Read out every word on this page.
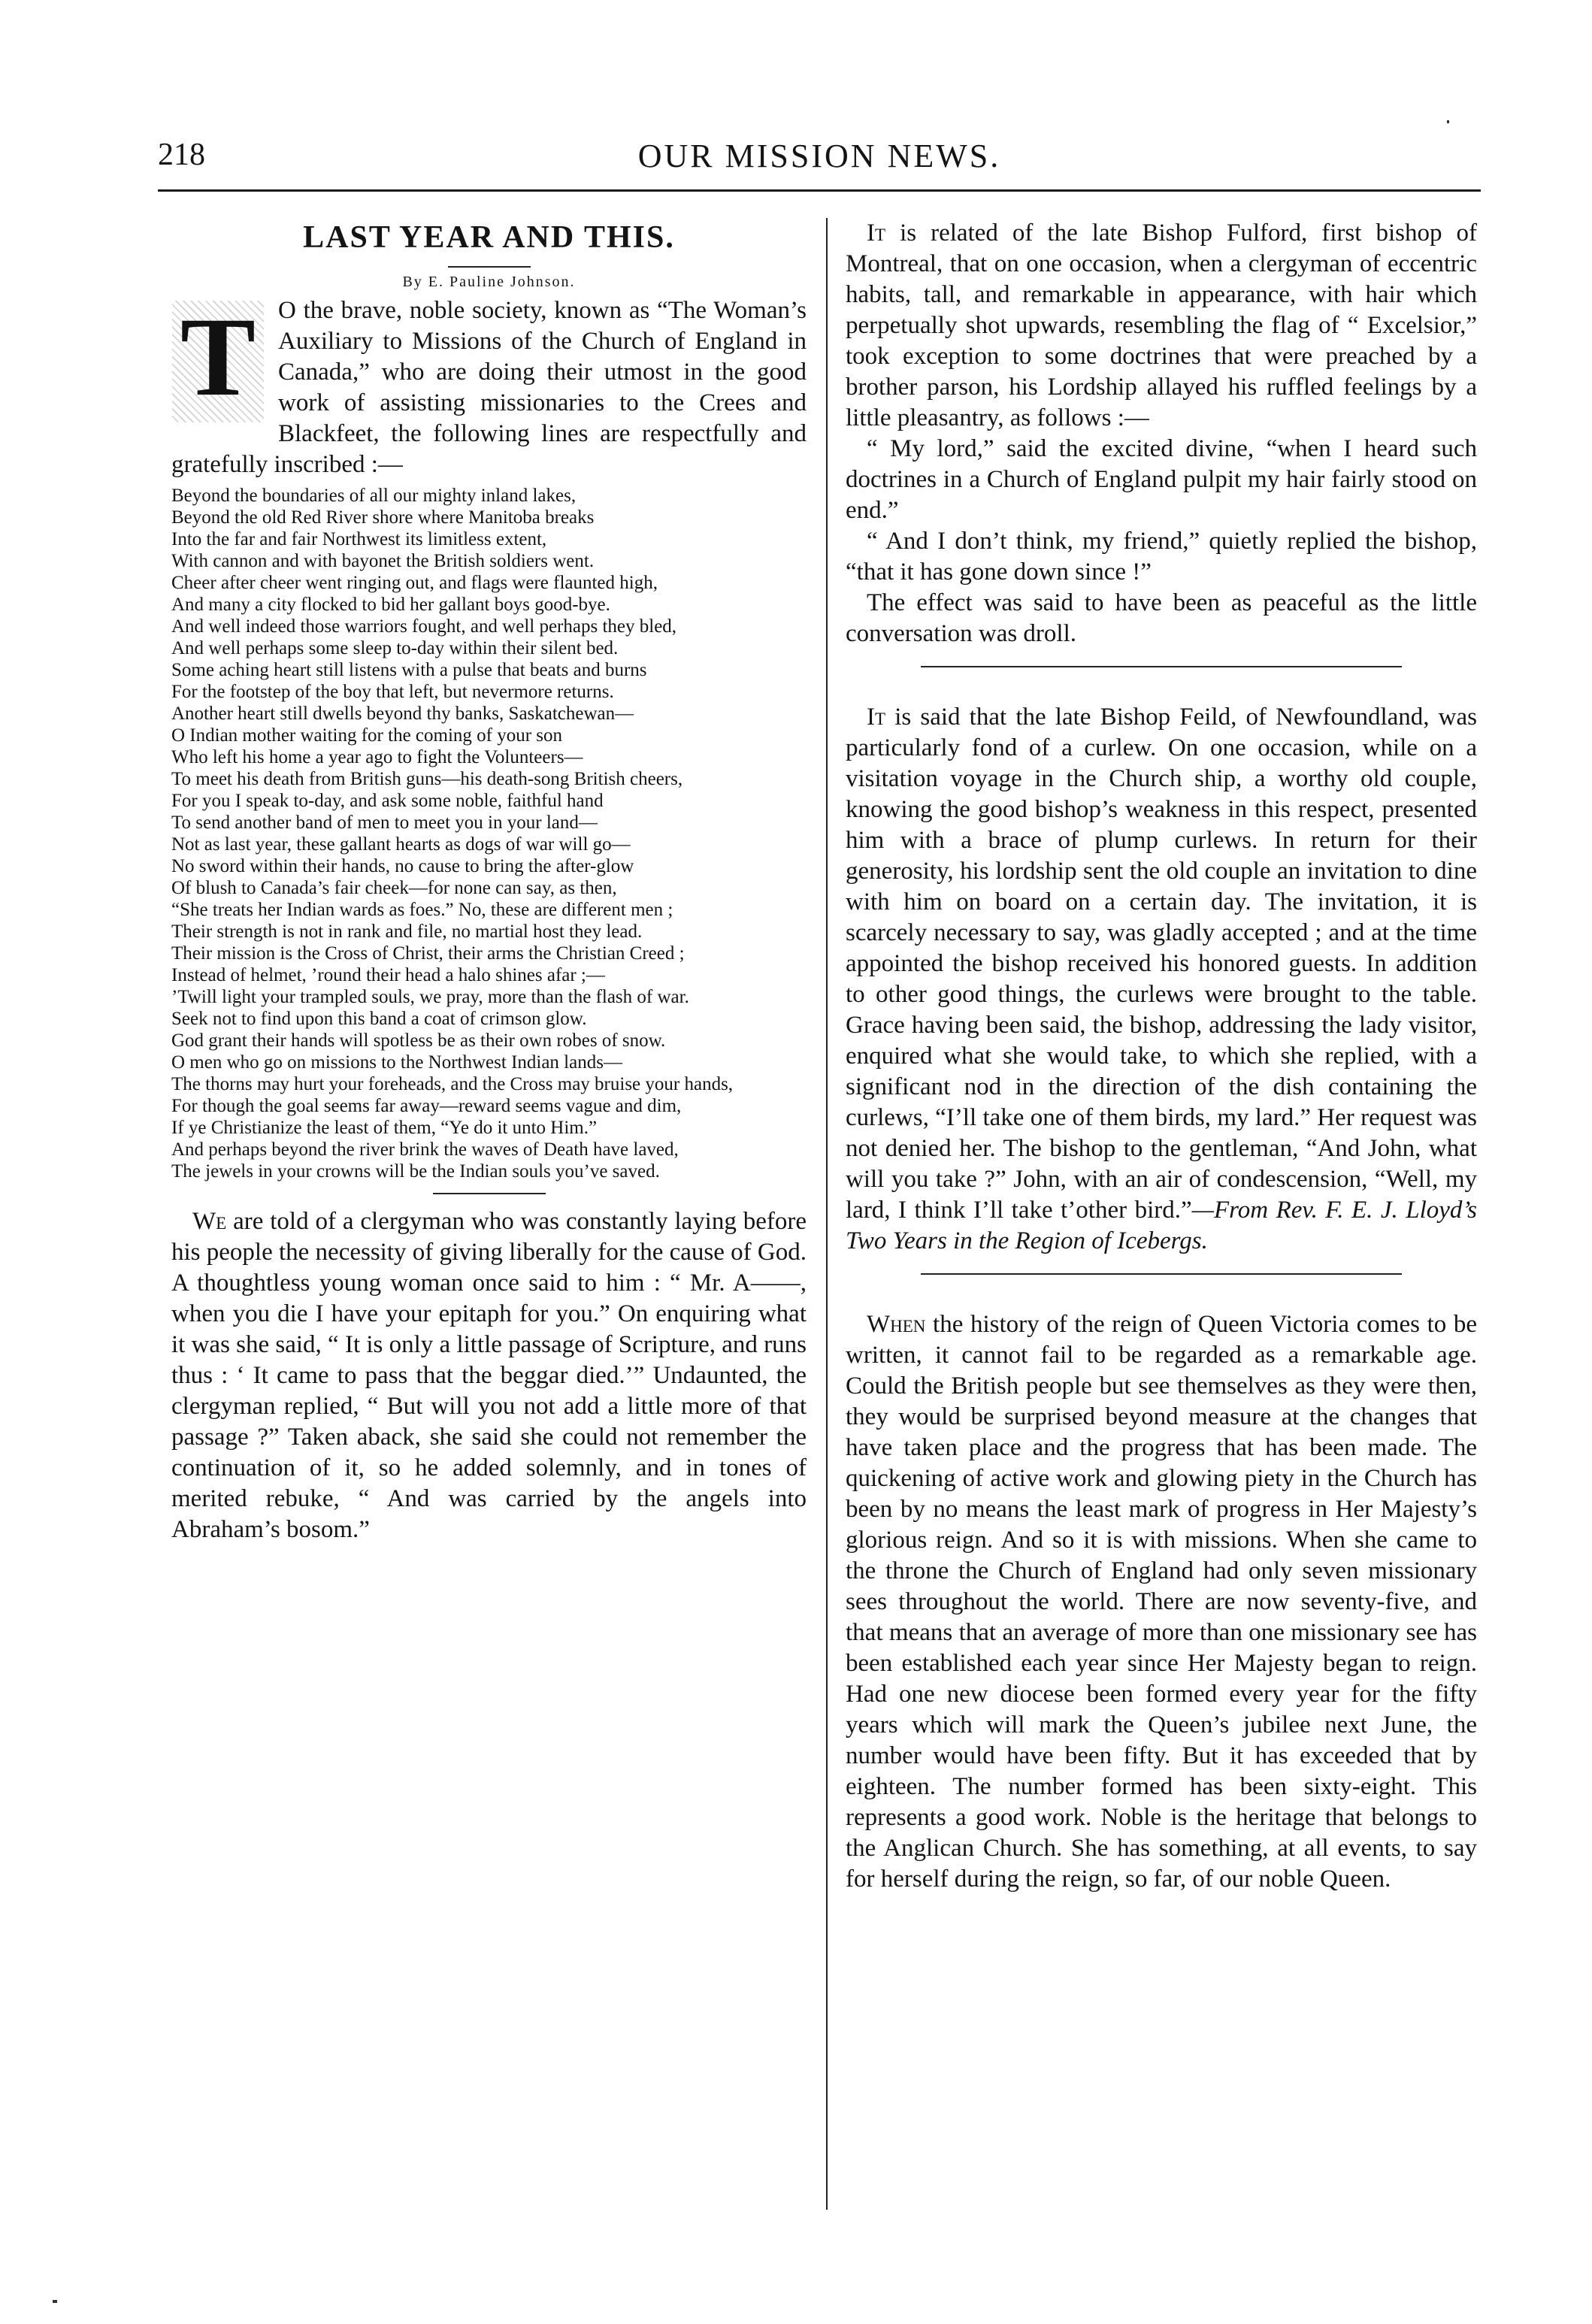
218	OUR MISSION NEWS.
LAST YEAR AND THIS.
By E. Pauline Johnson.

T O the brave, noble society, known as “The Woman’s Auxiliary to Missions of the Church of England in Canada,” who are doing their utmost in the good work of assisting missionaries to the Crees and Blackfeet, the following lines are respectfully and gratefully inscribed :—

Beyond the boundaries of all our mighty inland lakes,
Beyond the old Red River shore where Manitoba breaks
Into the far and fair Northwest its limitless extent,
With cannon and with bayonet the British soldiers went.
Cheer after cheer went ringing out, and flags were flaunted high,
And many a city flocked to bid her gallant boys good-bye.
And well indeed those warriors fought, and well perhaps they bled,
And well perhaps some sleep to-day within their silent bed.
Some aching heart still listens with a pulse that beats and burns
For the footstep of the boy that left, but nevermore returns.
Another heart still dwells beyond thy banks, Saskatchewan—
O Indian mother waiting for the coming of your son
Who left his home a year ago to fight the Volunteers—
To meet his death from British guns—his death-song British cheers,
For you I speak to-day, and ask some noble, faithful hand
To send another band of men to meet you in your land—
Not as last year, these gallant hearts as dogs of war will go—
No sword within their hands, no cause to bring the after-glow
Of blush to Canada’s fair cheek—for none can say, as then,
“She treats her Indian wards as foes.” No, these are different men ;
Their strength is not in rank and file, no martial host they lead.
Their mission is the Cross of Christ, their arms the Christian Creed ;
Instead of helmet, ’round their head a halo shines afar ;—
’Twill light your trampled souls, we pray, more than the flash of war.
Seek not to find upon this band a coat of crimson glow.
God grant their hands will spotless be as their own robes of snow.
O men who go on missions to the Northwest Indian lands—
The thorns may hurt your foreheads, and the Cross may bruise your hands,
For though the goal seems far away—reward seems vague and dim,
If ye Christianize the least of them, “Ye do it unto Him.”
And perhaps beyond the river brink the waves of Death have laved,
The jewels in your crowns will be the Indian souls you’ve saved.

We are told of a clergyman who was constantly laying before his people the necessity of giving liberally for the cause of God. A thoughtless young woman once said to him : “ Mr. A——, when you die I have your epitaph for you.” On enquiring what it was she said, “ It is only a little passage of Scripture, and runs thus : ‘ It came to pass that the beggar died.’” Undaunted, the clergyman replied, “ But will you not add a little more of that passage ?” Taken aback, she said she could not remember the continuation of it, so he added solemnly, and in tones of merited rebuke, “ And was carried by the angels into Abraham’s bosom.”

It is related of the late Bishop Fulford, first bishop of Montreal, that on one occasion, when a clergyman of eccentric habits, tall, and remarkable in appearance, with hair which perpetually shot upwards, resembling the flag of “ Excelsior,” took exception to some doctrines that were preached by a brother parson, his Lordship allayed his ruffled feelings by a little pleasantry, as follows :—

“ My lord,” said the excited divine, “when I heard such doctrines in a Church of England pulpit my hair fairly stood on end.”

“ And I don’t think, my friend,” quietly replied the bishop, “that it has gone down since !”

The effect was said to have been as peaceful as the little conversation was droll.

It is said that the late Bishop Feild, of Newfoundland, was particularly fond of a curlew. On one occasion, while on a visitation voyage in the Church ship, a worthy old couple, knowing the good bishop’s weakness in this respect, presented him with a brace of plump curlews. In return for their generosity, his lordship sent the old couple an invitation to dine with him on board on a certain day. The invitation, it is scarcely necessary to say, was gladly accepted ; and at the time appointed the bishop received his honored guests. In addition to other good things, the curlews were brought to the table. Grace having been said, the bishop, addressing the lady visitor, enquired what she would take, to which she replied, with a significant nod in the direction of the dish containing the curlews, “I’ll take one of them birds, my lard.” Her request was not denied her. The bishop to the gentleman, “And John, what will you take ?” John, with an air of condescension, “Well, my lard, I think I’ll take t’other bird.”—From Rev. F. E. J. Lloyd’s Two Years in the Region of Icebergs.

When the history of the reign of Queen Victoria comes to be written, it cannot fail to be regarded as a remarkable age. Could the British people but see themselves as they were then, they would be surprised beyond measure at the changes that have taken place and the progress that has been made. The quickening of active work and glowing piety in the Church has been by no means the least mark of progress in Her Majesty’s glorious reign. And so it is with missions. When she came to the throne the Church of England had only seven missionary sees throughout the world. There are now seventy-five, and that means that an average of more than one missionary see has been established each year since Her Majesty began to reign. Had one new diocese been formed every year for the fifty years which will mark the Queen’s jubilee next June, the number would have been fifty. But it has exceeded that by eighteen. The number formed has been sixty-eight. This represents a good work. Noble is the heritage that belongs to the Anglican Church. She has something, at all events, to say for herself during the reign, so far, of our noble Queen.
